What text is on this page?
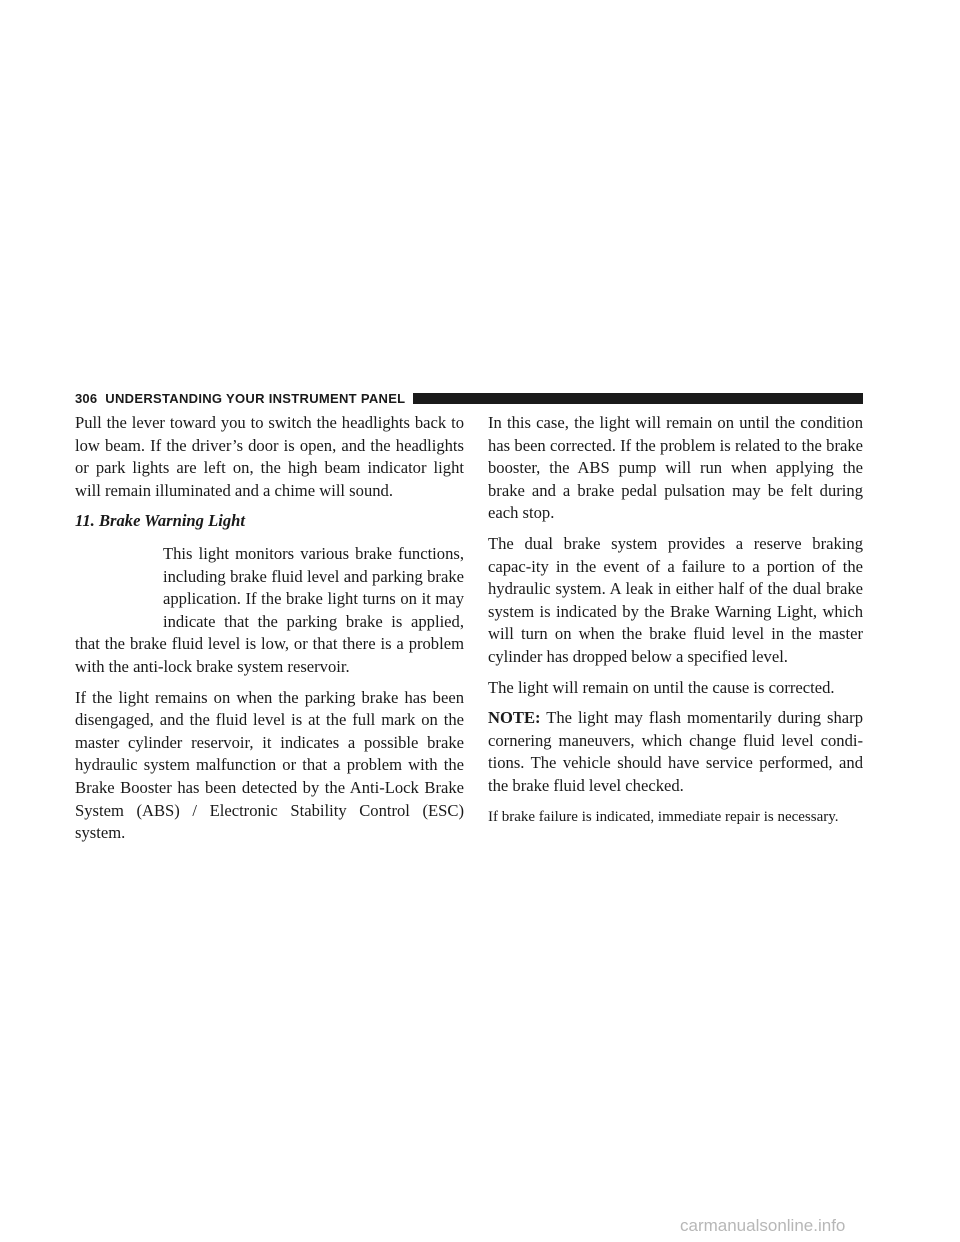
306 UNDERSTANDING YOUR INSTRUMENT PANEL

Pull the lever toward you to switch the headlights back to low beam. If the driver’s door is open, and the headlights or park lights are left on, the high beam indicator light will remain illuminated and a chime will sound.

11. Brake Warning Light

This light monitors various brake functions, including brake fluid level and parking brake application. If the brake light turns on it may indicate that the parking brake is applied, that the brake fluid level is low, or that there is a problem with the anti-lock brake system reservoir.

If the light remains on when the parking brake has been disengaged, and the fluid level is at the full mark on the master cylinder reservoir, it indicates a possible brake hydraulic system malfunction or that a problem with the Brake Booster has been detected by the Anti-Lock Brake System (ABS) / Electronic Stability Control (ESC) system.

In this case, the light will remain on until the condition has been corrected. If the problem is related to the brake booster, the ABS pump will run when applying the brake and a brake pedal pulsation may be felt during each stop.

The dual brake system provides a reserve braking capac-ity in the event of a failure to a portion of the hydraulic system. A leak in either half of the dual brake system is indicated by the Brake Warning Light, which will turn on when the brake fluid level in the master cylinder has dropped below a specified level.

The light will remain on until the cause is corrected.

NOTE: The light may flash momentarily during sharp cornering maneuvers, which change fluid level condi-tions. The vehicle should have service performed, and the brake fluid level checked.

If brake failure is indicated, immediate repair is necessary.

carmanualsonline.info
